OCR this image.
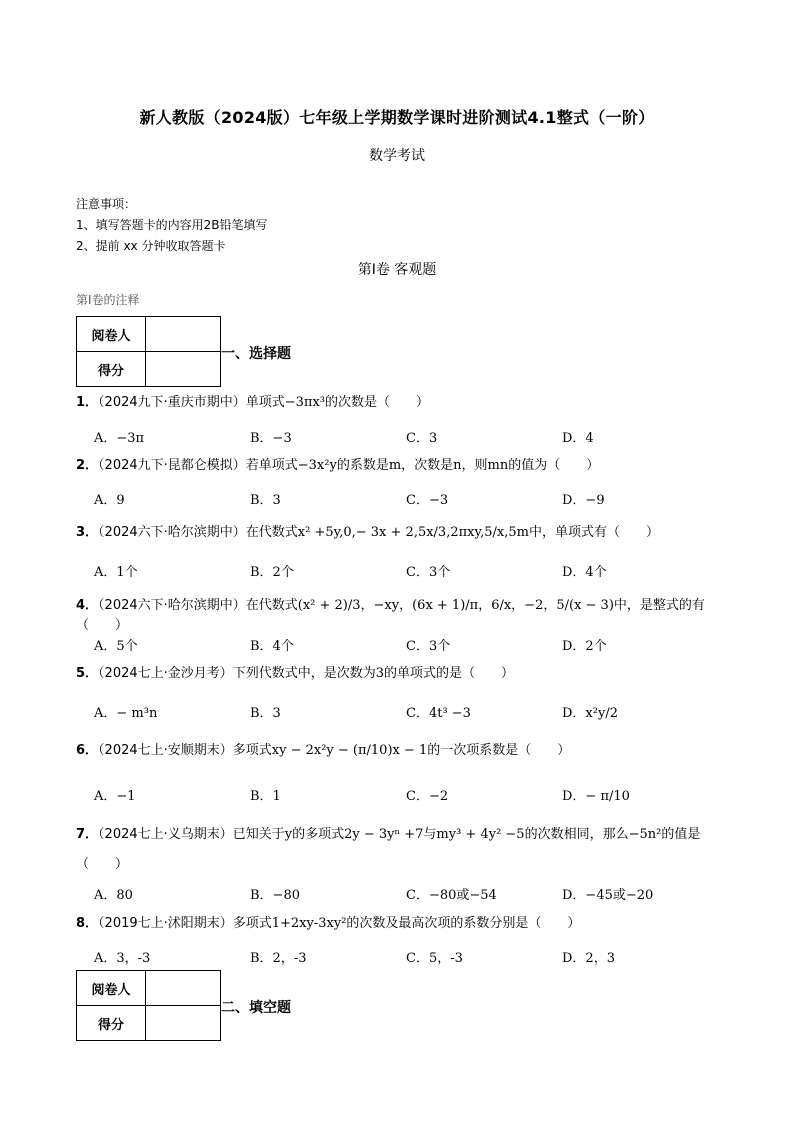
新人教版（2024版）七年级上学期数学课时进阶测试4.1整式（一阶）
数学考试
注意事项：
1、填写答题卡的内容用2B铅笔填写
2、提前 xx 分钟收取答题卡
第Ⅰ卷 客观题
第Ⅰ卷的注释
阅卷人	
得分	
一、选择题
1．（2024九下·重庆市期中）单项式−3πx³的次数是（　　）
A．−3π	B．−3	C．3	D．4
2．（2024九下·昆都仑模拟）若单项式−3x²y的系数是m，次数是n，则mn的值为（　　）
A．9	B．3	C．−3	D．−9
3．（2024六下·哈尔滨期中）在代数式x² +5y,0,− 3x + 2,5x/3,2πxy,5/x,5m中，单项式有（　　）
A．1个	B．2个	C．3个	D．4个
4．（2024六下·哈尔滨期中）在代数式(x² + 2)/3，−xy，(6x + 1)/π，6/x，−2，5/(x − 3)中，是整式的有（　　）
A．5个	B．4个	C．3个	D．2个
5．（2024七上·金沙月考）下列代数式中，是次数为3的单项式的是（　　）
A．− m³n	B．3	C．4t³ −3	D．x²y/2
6．（2024七上·安顺期末）多项式xy − 2x²y − (π/10)x − 1的一次项系数是（　　）
A．−1	B．1	C．−2	D．− π/10
7．（2024七上·义乌期末）已知关于y的多项式2y − 3yⁿ +7与my³ + 4y² −5的次数相同，那么−5n²的值是（　　）
A．80	B．−80	C．−80或−54	D．−45或−20
8．（2019七上·沭阳期末）多项式1+2xy-3xy²的次数及最高次项的系数分别是（　　）
A．3，-3	B．2，-3	C．5，-3	D．2，3
阅卷人	
得分	
二、填空题
